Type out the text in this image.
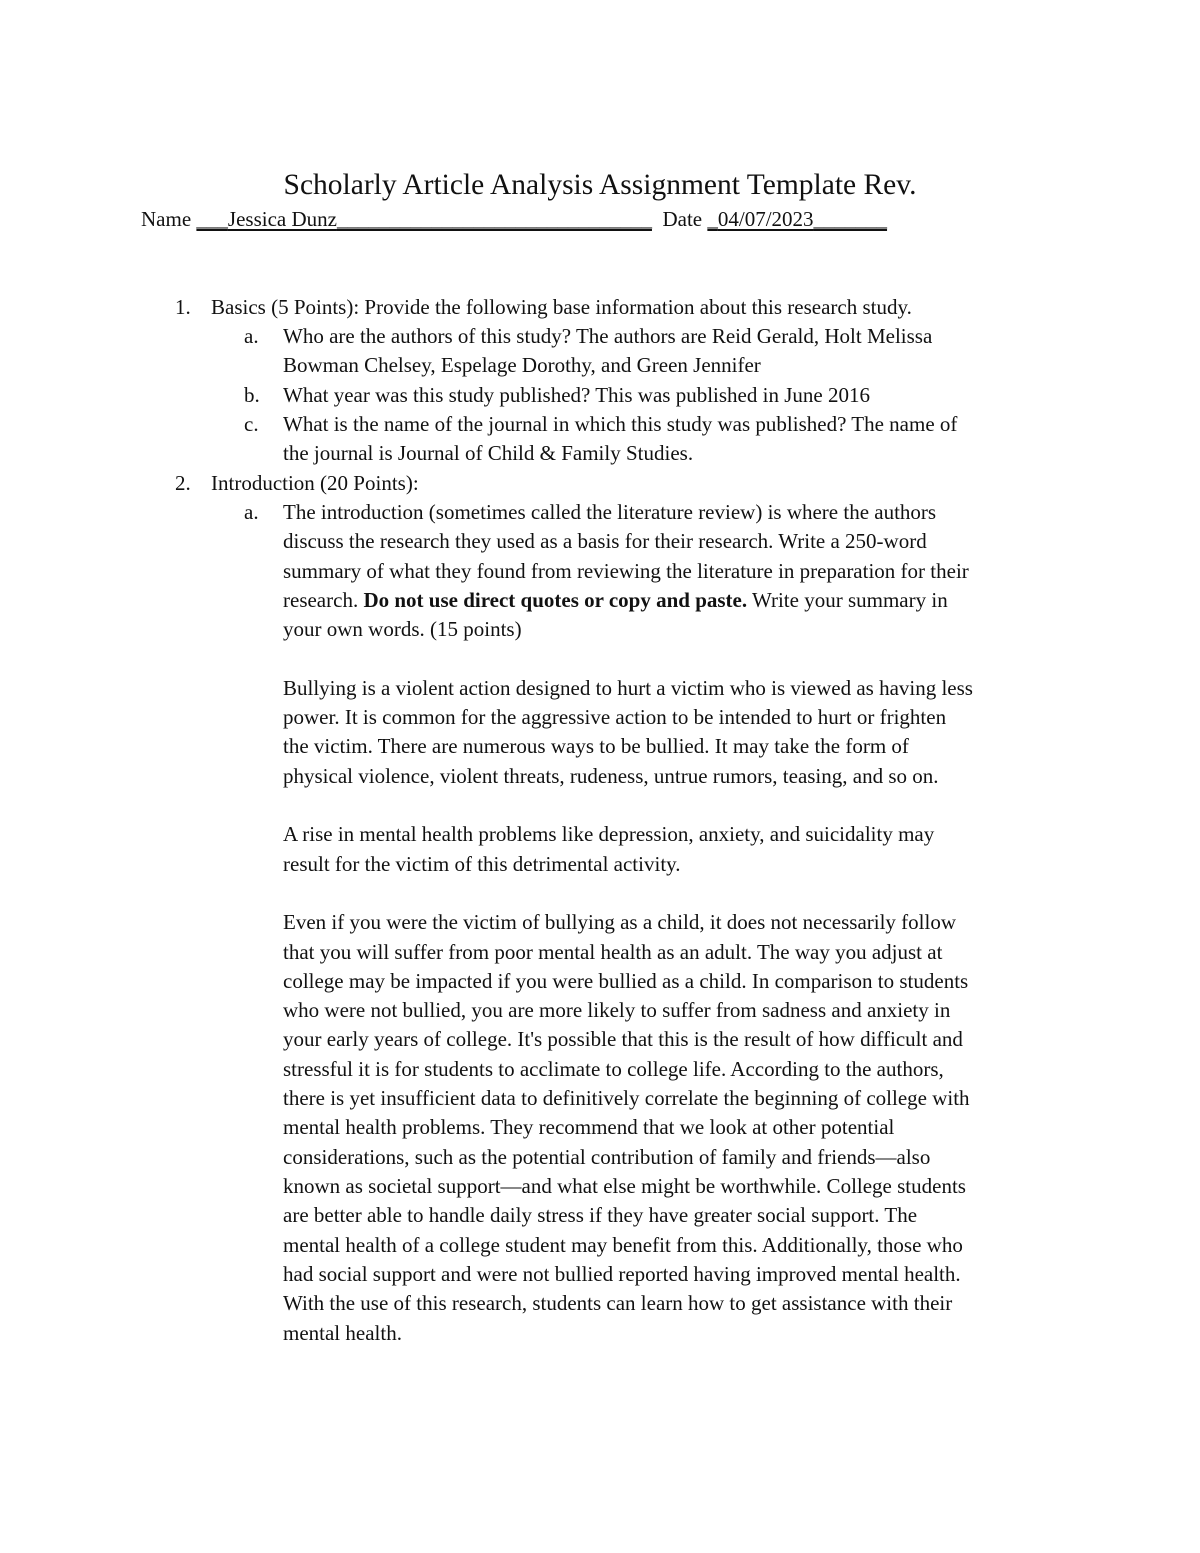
Scholarly Article Analysis Assignment Template Rev.
Name ___Jessica Dunz______________________________ Date _04/07/2023_______
1. Basics (5 Points): Provide the following base information about this research study.
a. Who are the authors of this study? The authors are Reid Gerald, Holt Melissa
Bowman Chelsey, Espelage Dorothy, and Green Jennifer
b. What year was this study published? This was published in June 2016
c. What is the name of the journal in which this study was published? The name of
the journal is Journal of Child & Family Studies.
2. Introduction (20 Points):
a. The introduction (sometimes called the literature review) is where the authors
discuss the research they used as a basis for their research. Write a 250-word
summary of what they found from reviewing the literature in preparation for their
research. Do not use direct quotes or copy and paste. Write your summary in
your own words. (15 points)
Bullying is a violent action designed to hurt a victim who is viewed as having less
power. It is common for the aggressive action to be intended to hurt or frighten
the victim. There are numerous ways to be bullied. It may take the form of
physical violence, violent threats, rudeness, untrue rumors, teasing, and so on.
A rise in mental health problems like depression, anxiety, and suicidality may
result for the victim of this detrimental activity.
Even if you were the victim of bullying as a child, it does not necessarily follow
that you will suffer from poor mental health as an adult. The way you adjust at
college may be impacted if you were bullied as a child. In comparison to students
who were not bullied, you are more likely to suffer from sadness and anxiety in
your early years of college. It's possible that this is the result of how difficult and
stressful it is for students to acclimate to college life. According to the authors,
there is yet insufficient data to definitively correlate the beginning of college with
mental health problems. They recommend that we look at other potential
considerations, such as the potential contribution of family and friends—also
known as societal support—and what else might be worthwhile. College students
are better able to handle daily stress if they have greater social support. The
mental health of a college student may benefit from this. Additionally, those who
had social support and were not bullied reported having improved mental health.
With the use of this research, students can learn how to get assistance with their
mental health.
